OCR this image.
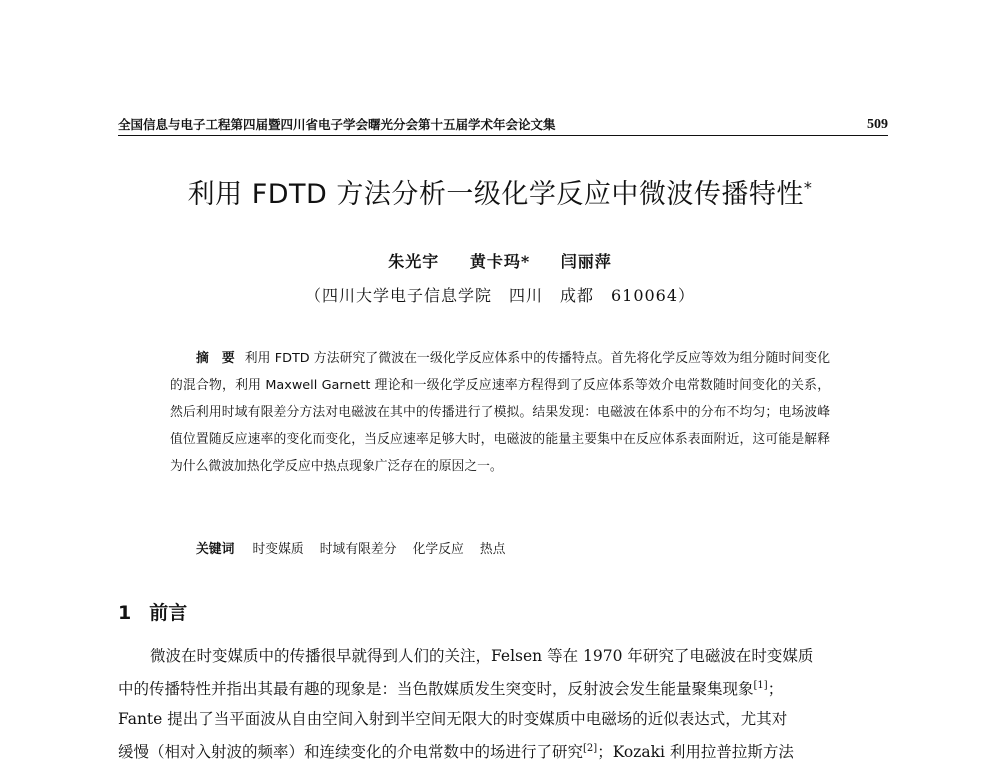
全国信息与电子工程第四届暨四川省电子学会曙光分会第十五届学术年会论文集	509
利用 FDTD 方法分析一级化学反应中微波传播特性*
朱光宇 黄卡玛* 闫丽萍
（四川大学电子信息学院　四川　成都　610064）

摘　要 利用 FDTD 方法研究了微波在一级化学反应体系中的传播特点。首先将化学反应等效为组分随时间变化的混合物，利用 Maxwell Garnett 理论和一级化学反应速率方程得到了反应体系等效介电常数随时间变化的关系，然后利用时域有限差分方法对电磁波在其中的传播进行了模拟。结果发现：电磁波在体系中的分布不均匀；电场波峰值位置随反应速率的变化而变化，当反应速率足够大时，电磁波的能量主要集中在反应体系表面附近，这可能是解释为什么微波加热化学反应中热点现象广泛存在的原因之一。

关键词 时变媒质 时域有限差分 化学反应 热点
1 前言
微波在时变媒质中的传播很早就得到人们的关注，Felsen 等在 1970 年研究了电磁波在时变媒质
中的传播特性并指出其最有趣的现象是：当色散媒质发生突变时，反射波会发生能量聚集现象[1]；
Fante 提出了当平面波从自由空间入射到半空间无限大的时变媒质中电磁场的近似表达式，尤其对
缓慢（相对入射波的频率）和连续变化的介电常数中的场进行了研究[2]；Kozaki 利用拉普拉斯方法
